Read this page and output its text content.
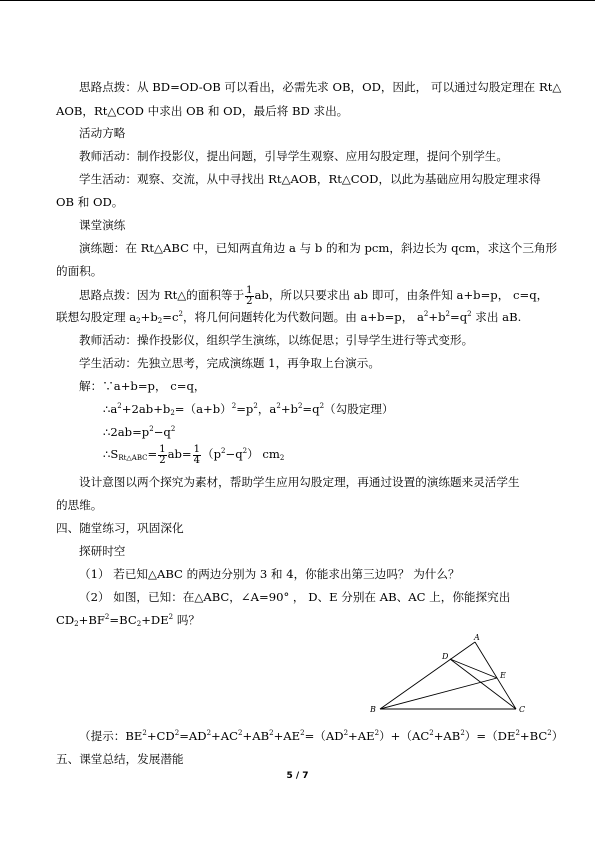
思路点拨：从 BD=OD-OB 可以看出，必需先求 OB，OD，因此， 可以通过勾股定理在 Rt△
AOB，Rt△COD 中求出 OB 和 OD，最后将 BD 求出。
活动方略
教师活动：制作投影仪，提出问题，引导学生观察、应用勾股定理，提问个别学生。
学生活动：观察、交流，从中寻找出 Rt△AOB，Rt△COD，以此为基础应用勾股定理求得
OB 和 OD。
课堂演练
演练题：在 Rt△ABC 中，已知两直角边 a 与 b 的和为 pcm，斜边长为 qcm，求这个三角形
的面积。
思路点拨：因为 Rt△的面积等于 $\frac{1}{2}$ ab，所以只要求出 ab 即可，由条件知 a+b=p， c=q，
联想勾股定理 $a_2+b_2=c^2$，将几何问题转化为代数问题。由 a+b=p， $a^2+b^2=q^2$ 求出 aB.
教师活动：操作投影仪，组织学生演练，以练促思；引导学生进行等式变形。
学生活动：先独立思考，完成演练题 1，再争取上台演示。
解：∵a+b=p， c=q，
$\therefore a^2+2ab+b_2=(a+b)^2=p^2$，$a^2+b^2=q^2$（勾股定理）
$\therefore 2ab=p^2-q^2$
$\therefore S_{Rt\triangle ABC}= \frac{1}{2} ab= \frac{1}{4} (p^2-q^2)$ $cm_2$
设计意图以两个探究为素材，帮助学生应用勾股定理，再通过设置的演练题来灵活学生
的思维。
四、随堂练习，巩固深化
探研时空
（1） 若已知△ABC 的两边分别为 3 和 4，你能求出第三边吗？ 为什么？
（2） 如图，已知：在△ABC，∠A=90° ， D、E 分别在 AB、AC 上，你能探究出
$CD_2+BF^2=BC_2+DE^2$ 吗？
A
B	C
D
E
（提示：$BE^2+CD^2=AD^2+AC^2+AB^2+AE^2=(AD^2+AE^2)+(AC^2+AB^2)=(DE^2+BC^2)$
五、课堂总结，发展潜能
5 / 7
